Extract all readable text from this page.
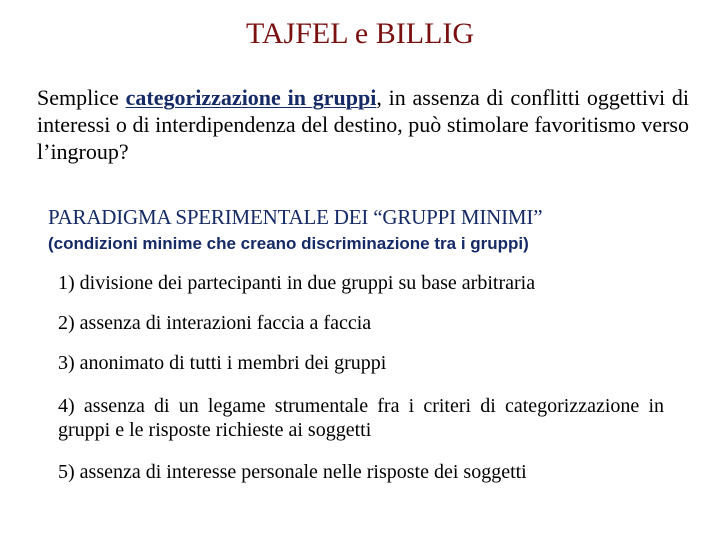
TAJFEL e BILLIG
Semplice categorizzazione in gruppi, in assenza di conflitti oggettivi di interessi o di interdipendenza del destino, può stimolare favoritismo verso l’ingroup?
PARADIGMA SPERIMENTALE DEI “GRUPPI MINIMI”
(condizioni minime che creano discriminazione tra i gruppi)
1) divisione dei partecipanti in due gruppi su base arbitraria
2) assenza di interazioni faccia a faccia
3) anonimato di tutti i membri dei gruppi
4) assenza di un legame strumentale fra i criteri di categorizzazione in gruppi e le risposte richieste ai soggetti
5) assenza di interesse personale nelle risposte dei soggetti
